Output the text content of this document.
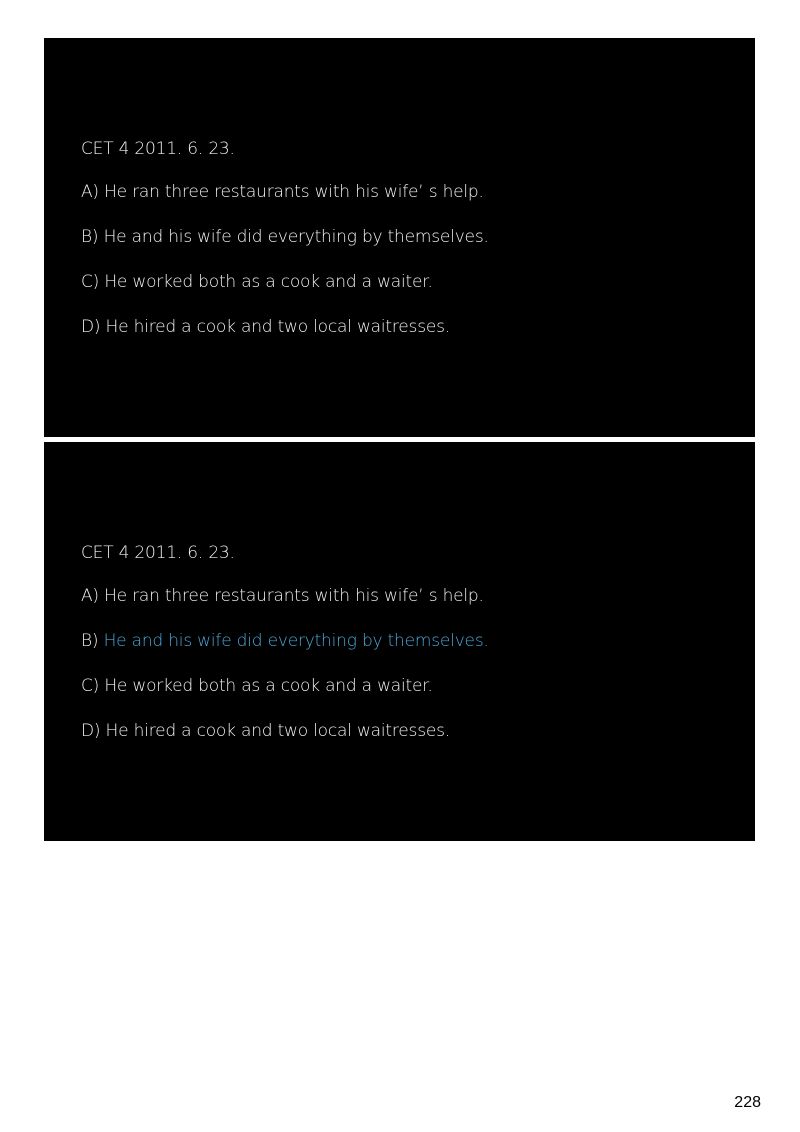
CET 4 2011. 6. 23.
A) He ran three restaurants with his wife’ s help.
B) He and his wife did everything by themselves.
C) He worked both as a cook and a waiter.
D) He hired a cook and two local waitresses.
CET 4 2011. 6. 23.
A) He ran three restaurants with his wife’ s help.
B) He and his wife did everything by themselves.
C) He worked both as a cook and a waiter.
D) He hired a cook and two local waitresses.
228
